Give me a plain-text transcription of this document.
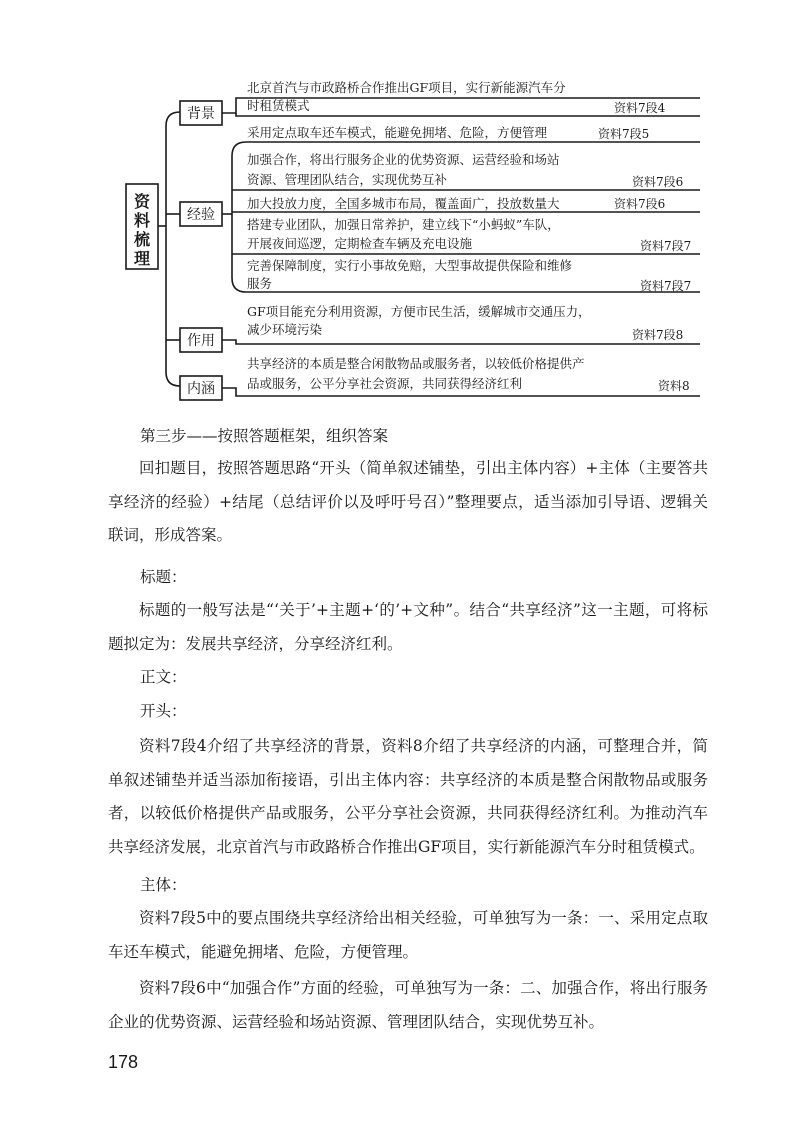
资
料
梳
理
背景
经验
作用
内涵
北京首汽与市政路桥合作推出GF项目，实行新能源汽车分
时租赁模式	资料7段4
采用定点取车还车模式，能避免拥堵、危险，方便管理	资料7段5
加强合作，将出行服务企业的优势资源、运营经验和场站
资源、管理团队结合，实现优势互补	资料7段6
加大投放力度，全国多城市布局，覆盖面广，投放数量大	资料7段6
搭建专业团队，加强日常养护，建立线下“小蚂蚁”车队，
开展夜间巡逻，定期检查车辆及充电设施	资料7段7
完善保障制度，实行小事故免赔，大型事故提供保险和维修
服务	资料7段7
GF项目能充分利用资源，方便市民生活，缓解城市交通压力，
减少环境污染	资料7段8
共享经济的本质是整合闲散物品或服务者，以较低价格提供产
品或服务，公平分享社会资源，共同获得经济红利	资料8

第三步——按照答题框架，组织答案

回扣题目，按照答题思路“开头（简单叙述铺垫，引出主体内容）+主体（主要答共享经济的经验）+结尾（总结评价以及呼吁号召）”整理要点，适当添加引导语、逻辑关联词，形成答案。

标题：

标题的一般写法是“‘关于’+主题+‘的’+文种”。结合“共享经济”这一主题，可将标题拟定为：发展共享经济，分享经济红利。

正文：

开头：

资料7段4介绍了共享经济的背景，资料8介绍了共享经济的内涵，可整理合并，简单叙述铺垫并适当添加衔接语，引出主体内容：共享经济的本质是整合闲散物品或服务者，以较低价格提供产品或服务，公平分享社会资源，共同获得经济红利。为推动汽车共享经济发展，北京首汽与市政路桥合作推出GF项目，实行新能源汽车分时租赁模式。

主体：

资料7段5中的要点围绕共享经济给出相关经验，可单独写为一条：一、采用定点取车还车模式，能避免拥堵、危险，方便管理。

资料7段6中“加强合作”方面的经验，可单独写为一条：二、加强合作，将出行服务企业的优势资源、运营经验和场站资源、管理团队结合，实现优势互补。

178
